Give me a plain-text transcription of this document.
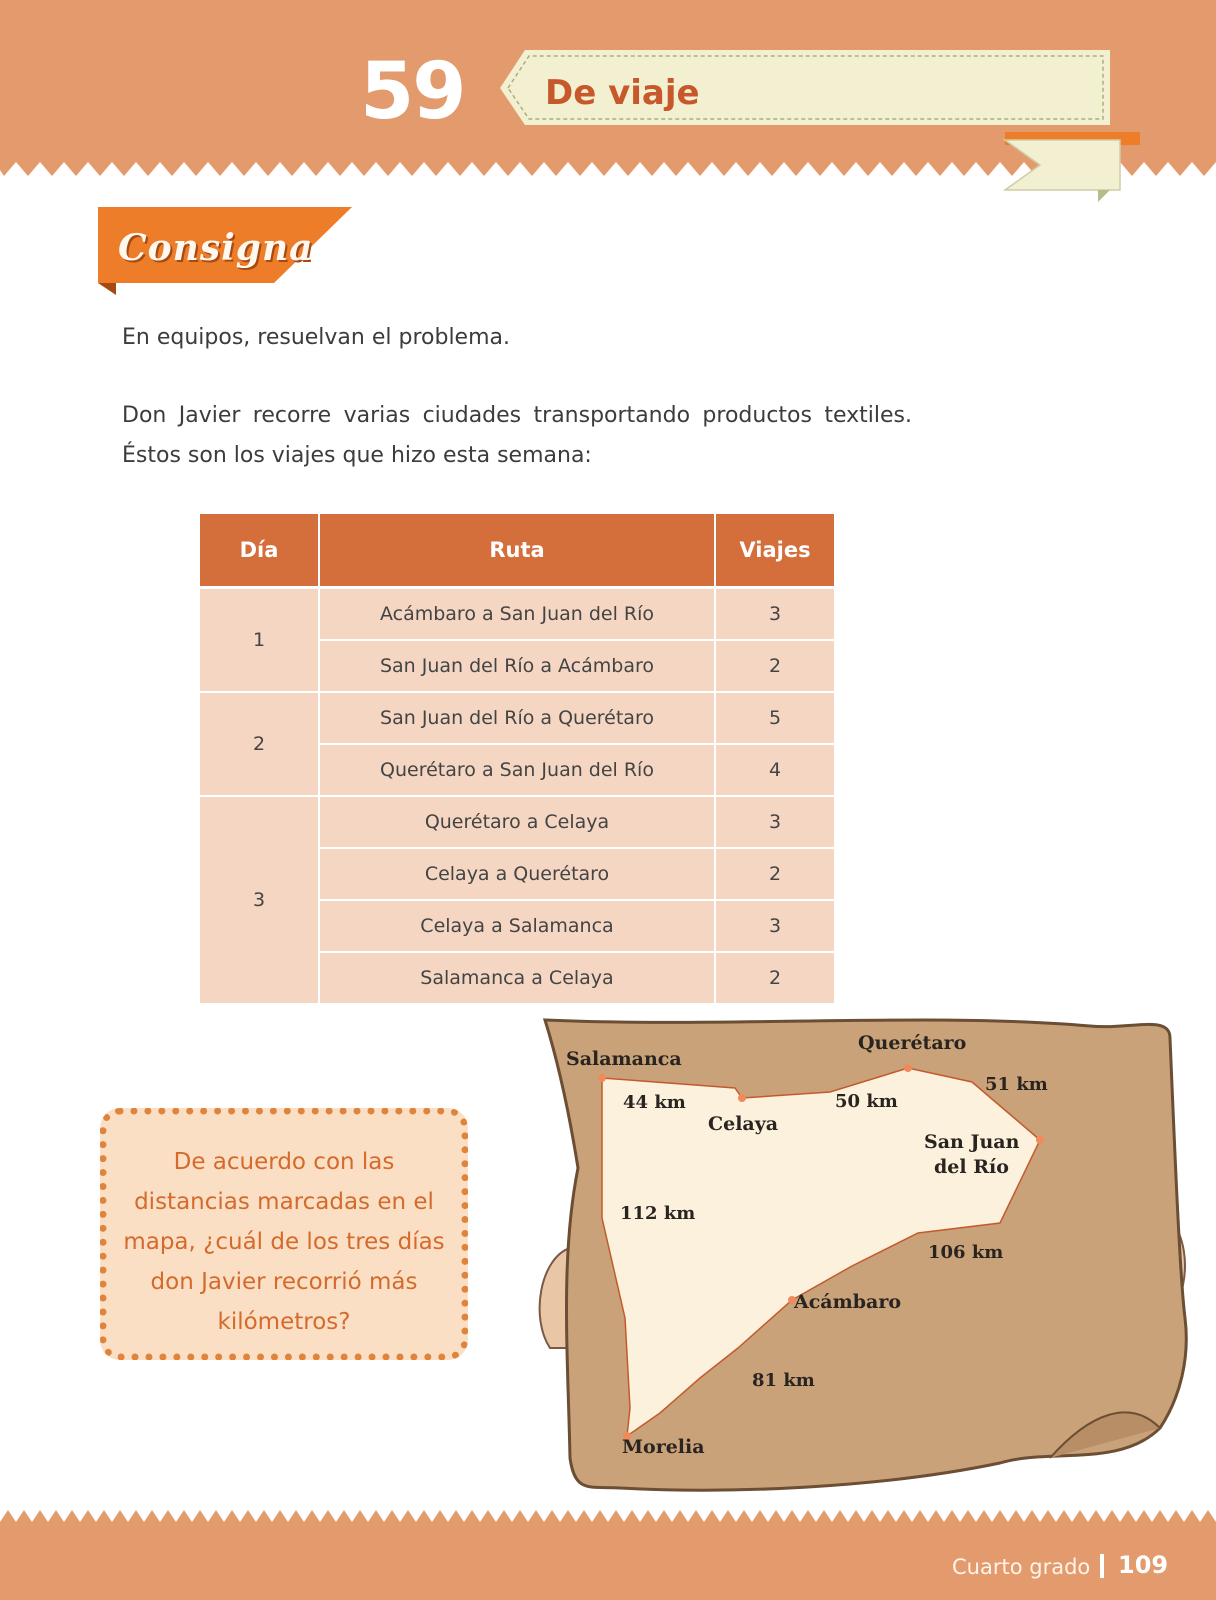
59	De viaje
Consigna
En equipos, resuelvan el problema.
Don Javier recorre varias ciudades transportando productos textiles. Éstos son los viajes que hizo esta semana:
Día	Ruta	Viajes
1	Acámbaro a San Juan del Río	3
	San Juan del Río a Acámbaro	2
2	San Juan del Río a Querétaro	5
	Querétaro a San Juan del Río	4
3	Querétaro a Celaya	3
	Celaya a Querétaro	2
	Celaya a Salamanca	3
	Salamanca a Celaya	2
De acuerdo con las distancias marcadas en el mapa, ¿cuál de los tres días don Javier recorrió más kilómetros?
Salamanca
Querétaro
Celaya
San Juan
del Río
Acámbaro
Morelia
44 km	50 km
51 km
112 km
106 km
81 km
Cuarto grado 109
